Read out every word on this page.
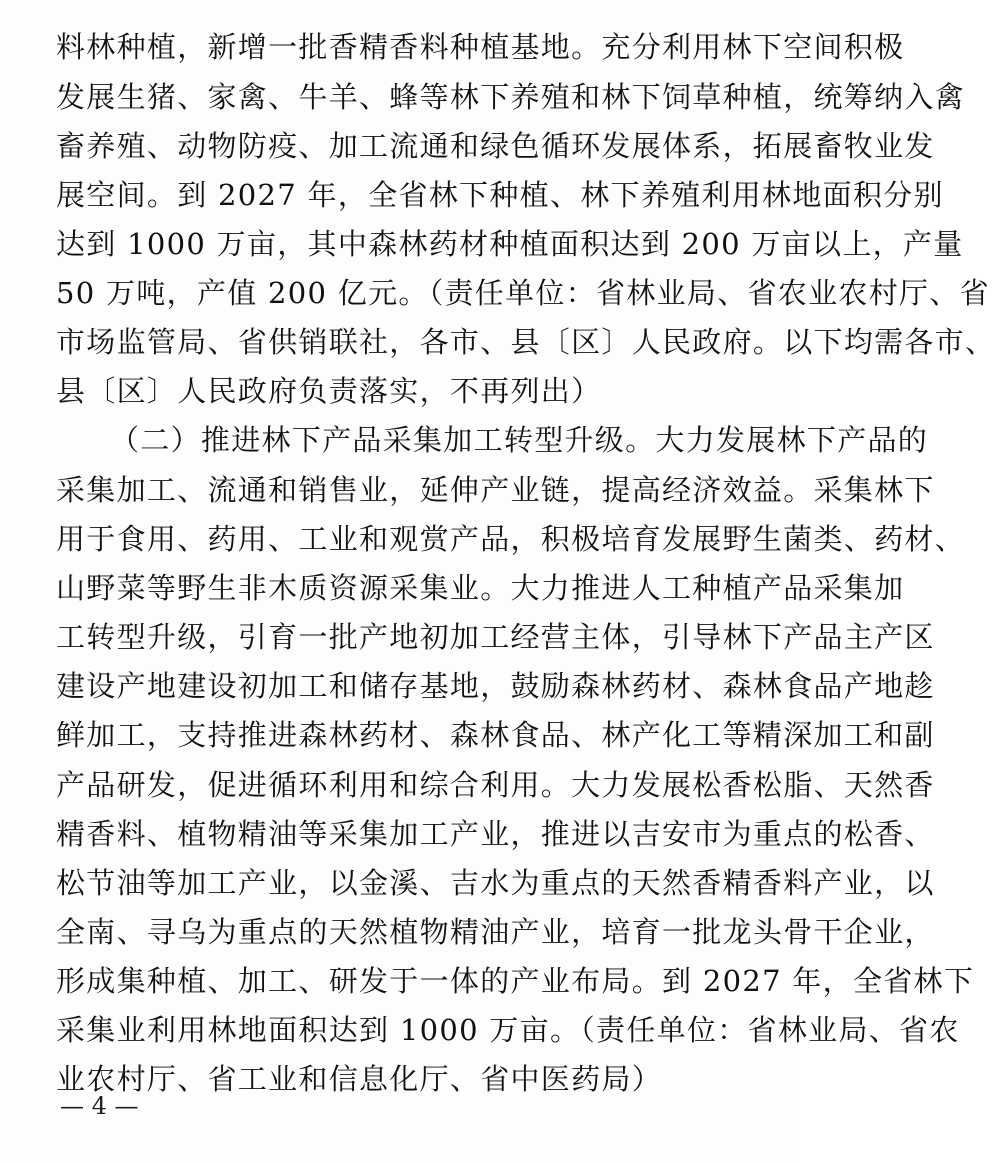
料林种植，新增一批香精香料种植基地。充分利用林下空间积极
发展生猪、家禽、牛羊、蜂等林下养殖和林下饲草种植，统筹纳入禽
畜养殖、动物防疫、加工流通和绿色循环发展体系，拓展畜牧业发
展空间。到 2027 年，全省林下种植、林下养殖利用林地面积分别
达到 1000 万亩，其中森林药材种植面积达到 200 万亩以上，产量
50 万吨，产值 200 亿元。（责任单位：省林业局、省农业农村厅、省
市场监管局、省供销联社，各市、县〔区〕人民政府。以下均需各市、
县〔区〕人民政府负责落实，不再列出）
（二）推进林下产品采集加工转型升级。大力发展林下产品的
采集加工、流通和销售业，延伸产业链，提高经济效益。采集林下
用于食用、药用、工业和观赏产品，积极培育发展野生菌类、药材、
山野菜等野生非木质资源采集业。大力推进人工种植产品采集加
工转型升级，引育一批产地初加工经营主体，引导林下产品主产区
建设产地建设初加工和储存基地，鼓励森林药材、森林食品产地趁
鲜加工，支持推进森林药材、森林食品、林产化工等精深加工和副
产品研发，促进循环利用和综合利用。大力发展松香松脂、天然香
精香料、植物精油等采集加工产业，推进以吉安市为重点的松香、
松节油等加工产业，以金溪、吉水为重点的天然香精香料产业，以
全南、寻乌为重点的天然植物精油产业，培育一批龙头骨干企业，
形成集种植、加工、研发于一体的产业布局。到 2027 年，全省林下
采集业利用林地面积达到 1000 万亩。（责任单位：省林业局、省农
业农村厅、省工业和信息化厅、省中医药局）
— 4 —
